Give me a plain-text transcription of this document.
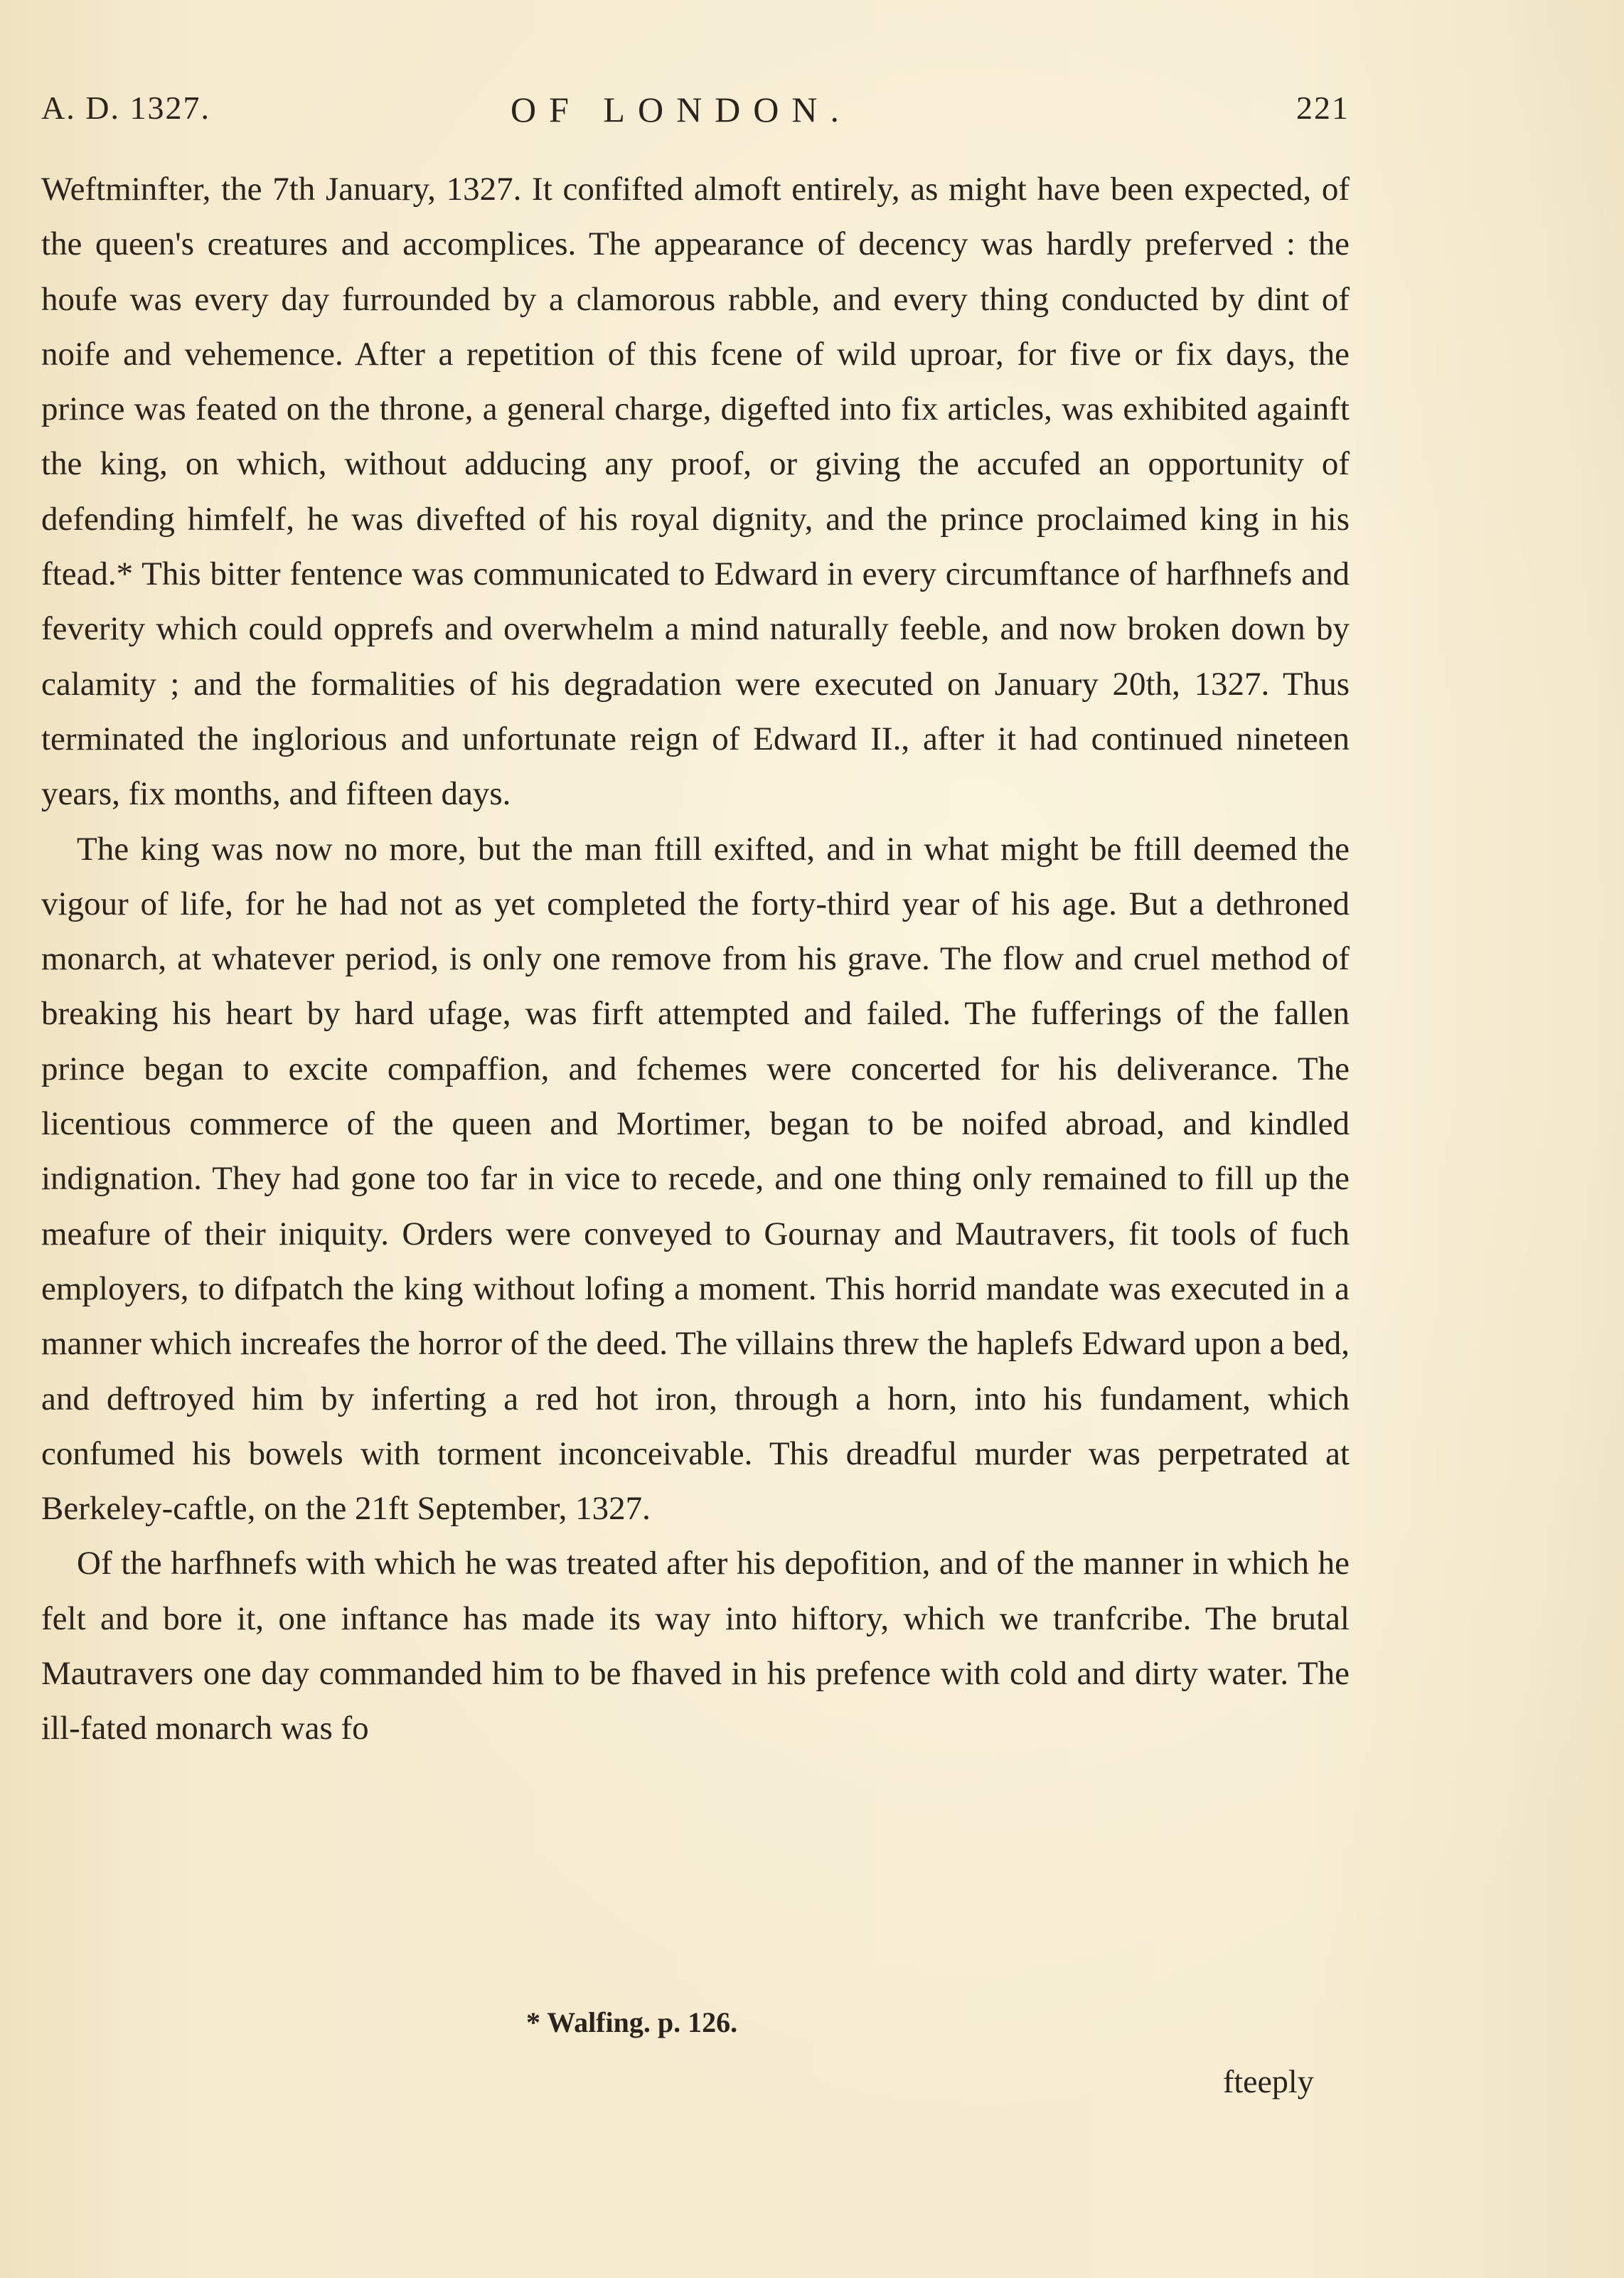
A. D. 1327.	OF LONDON.	221

Weftminfter, the 7th January, 1327. It confifted almoft entirely, as might have been expected, of the queen's creatures and accomplices. The appearance of decency was hardly preferved : the houfe was every day furrounded by a clamorous rabble, and every thing conducted by dint of noife and vehemence. After a repetition of this fcene of wild uproar, for five or fix days, the prince was feated on the throne, a general charge, digefted into fix articles, was exhibited againft the king, on which, without adducing any proof, or giving the accufed an opportunity of defending himfelf, he was divefted of his royal dignity, and the prince proclaimed king in his ftead.* This bitter fentence was communicated to Edward in every circumftance of harfhnefs and feverity which could opprefs and overwhelm a mind naturally feeble, and now broken down by calamity ; and the formalities of his degradation were executed on January 20th, 1327. Thus terminated the inglorious and unfortunate reign of Edward II., after it had continued nineteen years, fix months, and fifteen days.

The king was now no more, but the man ftill exifted, and in what might be ftill deemed the vigour of life, for he had not as yet completed the forty-third year of his age. But a dethroned monarch, at whatever period, is only one remove from his grave. The flow and cruel method of breaking his heart by hard ufage, was firft attempted and failed. The fufferings of the fallen prince began to excite compaffion, and fchemes were concerted for his deliverance. The licentious commerce of the queen and Mortimer, began to be noifed abroad, and kindled indignation. They had gone too far in vice to recede, and one thing only remained to fill up the meafure of their iniquity. Orders were conveyed to Gournay and Mautravers, fit tools of fuch employers, to difpatch the king without lofing a moment. This horrid mandate was executed in a manner which increafes the horror of the deed. The villains threw the haplefs Edward upon a bed, and deftroyed him by inferting a red hot iron, through a horn, into his fundament, which confumed his bowels with torment inconceivable. This dreadful murder was perpetrated at Berkeley-caftle, on the 21ft September, 1327.

Of the harfhnefs with which he was treated after his depofition, and of the manner in which he felt and bore it, one inftance has made its way into hiftory, which we tranfcribe. The brutal Mautravers one day commanded him to be fhaved in his prefence with cold and dirty water. The ill-fated monarch was fo

* Walfing. p. 126.
fteeply
